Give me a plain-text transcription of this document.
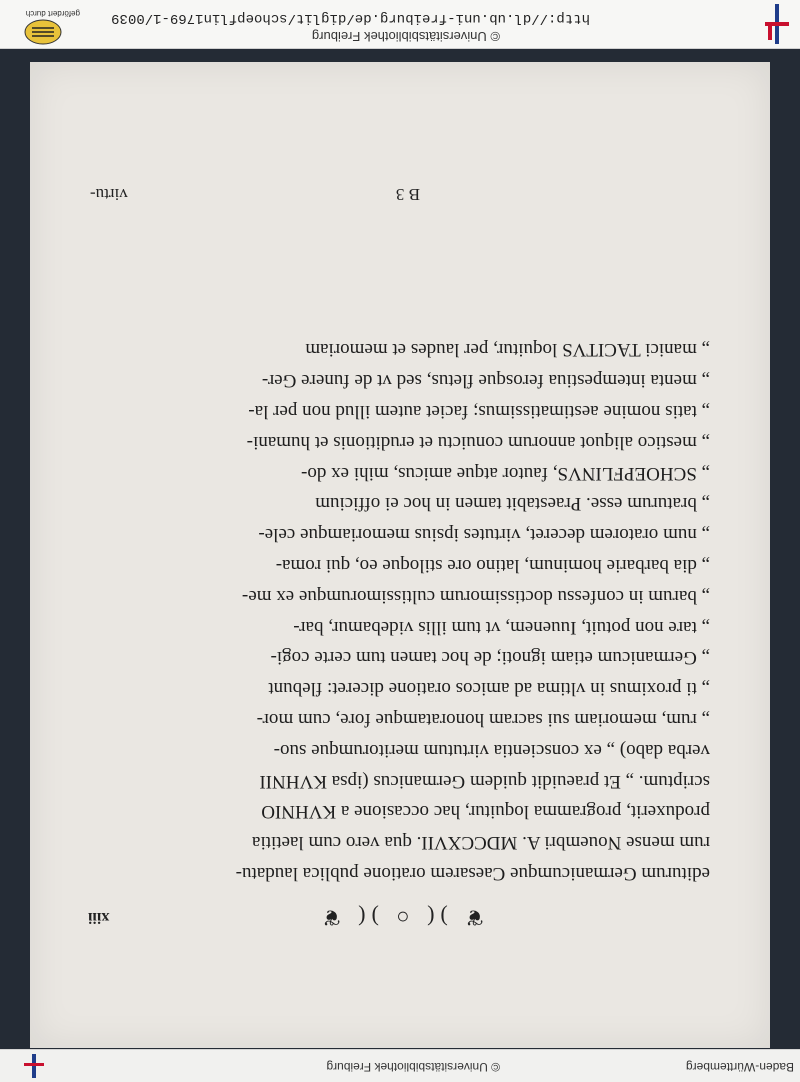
Baden-Württemberg
© Universitätsbibliothek Freiburg
❦ )( ○ )( ❦
xiii
editurum Germanicumque Caesarem oratione publica laudatu-
rum mense Nouembri A. MDCCXVII. qua vero cum laetitia
produxerit, programma loquitur, hac occasione a KVHNIO
scriptum. „ Et praeuidit quidem Germanicus (ipsa KVHNII
verba dabo) „ ex conscientia virtutum meritorumque suo-
„ rum, memoriam sui sacram honoratamque fore, cum mor-
„ ti proximus in vltima ad amicos oratione diceret: flebunt
„ Germanicum etiam ignoti; de hoc tamen tum certe cogi-
„ tare non potuit, Iuuenem, vt tum illis videbamur, bar-
„ barum in confessu doctissimorum cultissimorumque ex me-
„ dia barbarie hominum, latino ore stiloque eo, qui roma-
„ num oratorem deceret, virtutes ipsius memoriamque cele-
„ braturum esse. Praestabit tamen in hoc ei officium
„ SCHOEPFLINVS, fautor atque amicus, mihi ex do-
„ mestico aliquot annorum conuictu et eruditionis et humani-
„ tatis nomine aestimatissimus; faciet autem illud non per la-
„ menta intempestiua ferosque fletus, sed vt de funere Ger-
„ manici TACITVS loquitur, per laudes et memoriam
B 3
virtu-
© Universitätsbibliothek Freiburg
http://dl.ub.uni-freiburg.de/diglit/schoepflin1769-1/0039
gefördert durch
